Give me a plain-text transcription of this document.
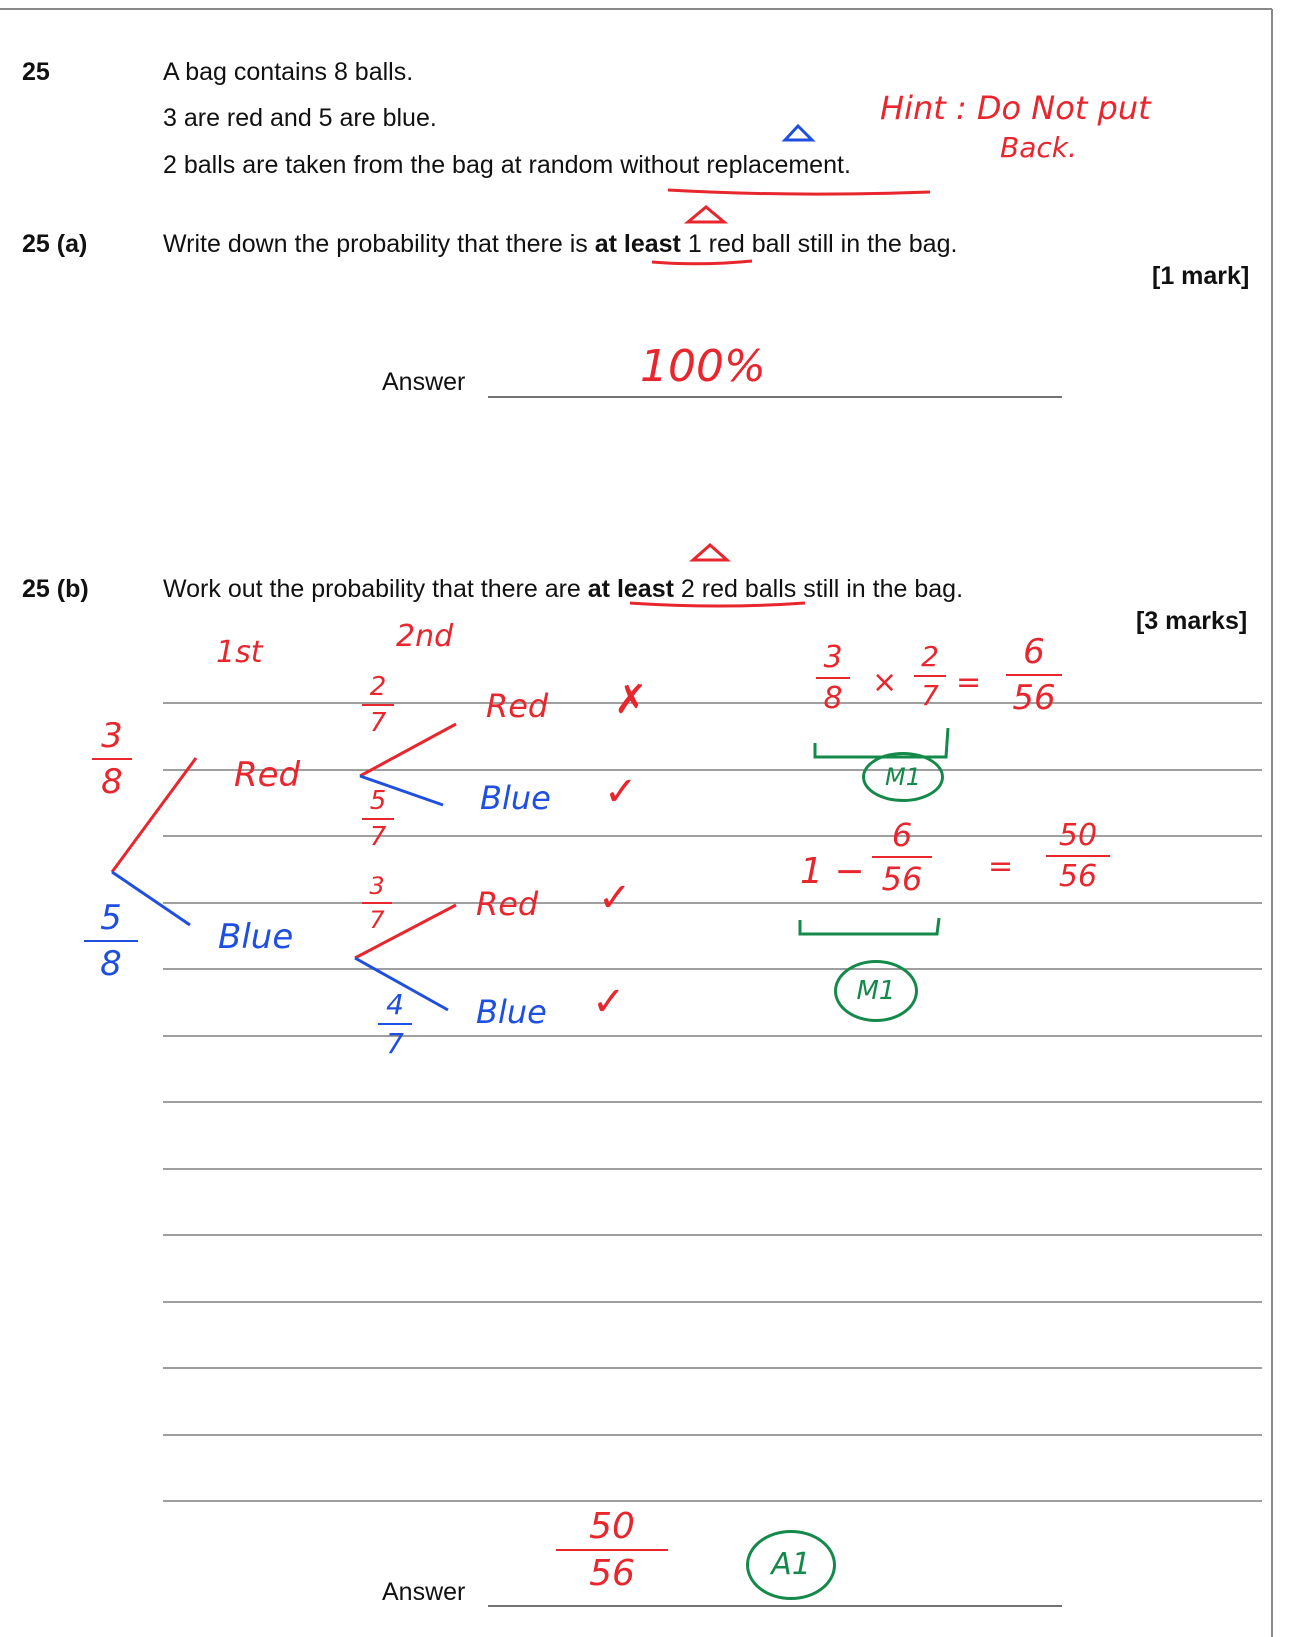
25	A bag contains 8 balls.
3 are red and 5 are blue.
2 balls are taken from the bag at random without replacement.
Hint : Do Not put
Back.
25 (a)	Write down the probability that there is at least 1 red ball still in the bag.
[1 mark]
Answer	100%
25 (b)	Work out the probability that there are at least 2 red balls still in the bag.
[3 marks]
1st	2nd
3
8
5
8
Red
Blue
2
7
5
7
3
7
4
7
Red ✗
Blue ✓
Red ✓
Blue ✓
3
8 ×
2
7 =
6
56
1 −
6
56 =
50
56
M1
M1
Answer
50
56	A1
